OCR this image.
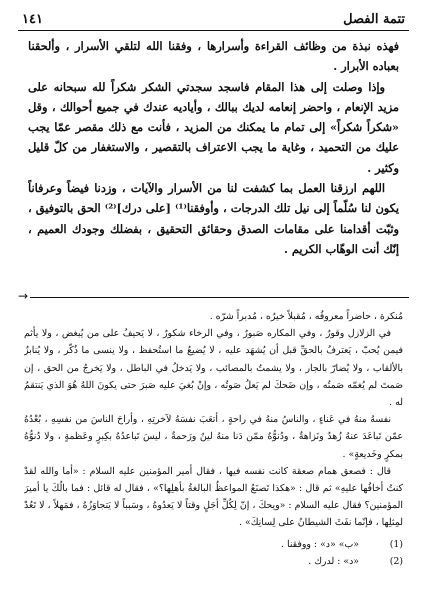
تتمة الفصل
١٤١

فهذه نبذة من وظائف القراءة وأسرارها ، وفقنا الله لتلقي الأسرار ، وألحقنا بعباده الأبرار .

وإذا وصلت إلى هذا المقام فاسجد سجدتي الشكر شكراً لله سبحانه على مزيد الإنعام ، واحضر إنعامه لديك ببالك ، وأياديه عندك في جميع أحوالك ، وقل «شكراً شكراً» إلى تمام ما يمكنك من المزيد ، فأنت مع ذلك مقصر عمّا يجب عليك من التحميد ، وغاية ما يجب الاعتراف بالتقصير ، والاستغفار من كلّ قليل وكثير .

اللهم ارزقنا العمل بما كشفت لنا من الأسرار والآيات ، وزدنا فيضاً وعرفاناً يكون لنا سُلّماً إلى نيل تلك الدرجات ، وأوفقنا⁽¹⁾ [على درك]⁽²⁾ الحق بالتوفيق ، وثبّت أقدامنا على مقامات الصدق وحقائق التحقيق ، بفضلك وجودك العميم ، إنّك أنت الوهّاب الكريم .

→

مُنكرة ، حاضراً معروفُه ، مُقبلاً خيرُه ، مُدبراً شرّه .

في الزلازل وقورٌ ، وفي المكاره صَبورٌ ، وفي الرخاء شكورٌ ، لا يَحيفُ على من يُبغض ، ولا يأثم فيمن يُحبّ ، يَعترفُ بالحقِّ قبل أن يُشهَد عليه ، لا يُضيعُ ما استُحفظ ، ولا ينسى ما ذُكّر ، ولا يُنابزُ بالألقاب ، ولا يُضارّ بالجار ، ولا يشمتُ بالمصائب ، ولا يَدخلُ في الباطل ، ولا يَخرجُ من الحق ، إن صَمتَ لم يُغمّه صَمتُه ، وإن ضَحكَ لم يَعلُ صَوتُه ، وإنْ بُغيَ عليه صَبرَ حتى يكونَ اللهُ هُوَ الذي يَنتقمُ له .

نفسهُ منهُ في عَناءٍ ، والناسُ منهُ في راحةٍ ، أتعَبَ نفسَهُ لآخرتِهِ ، وأراحَ الناسَ من نفسِهِ ، بُعْدُهُ عمّن تَباعَدَ عنهُ زُهدٌ ونَزاهةٌ ، ودُنوُّهُ ممّن دَنا منهُ لينٌ ورَحمةٌ ، ليسَ تَباعدُهُ بكِبرٍ وعَظمةٍ ، ولا دُنوُّهُ بمكرٍ وخَديعةٍ» .

قال : فصعق همام صعقة كانت نفسه فيها ، فقال أمير المؤمنين عليه السلام : «أما والله لقدْ كنتُ أخافُها عليهِ» ثم قال : «هكذا تَصنَعُ المواعظُ البالغةُ بأهلِها؟» ، فقال له قائل : فما بالُكَ يا أميرَ المؤمنين؟ فقال عليه السلام : «ويحكَ ، إنّ لِكُلِّ أجَلٍ وقتاً لا يَعدُوهُ ، وسَبباً لا يَتجاوَزُهُ ، فمَهلاً ، لا تَعُدْ لمِثلِها ، فإنّما نفَثَ الشيطانُ على لِسانِكَ» .

(1)
«ب» «د» : ووفقنا .
(2)
«د» : لدرك .
